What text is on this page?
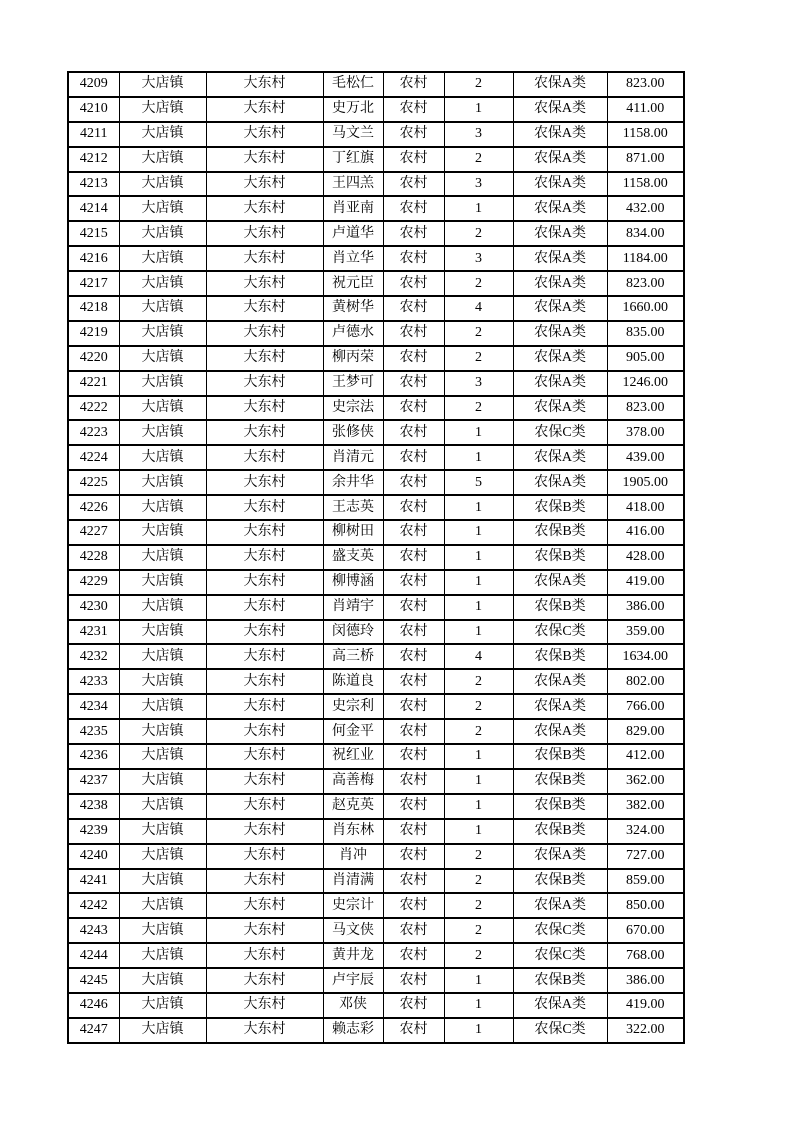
4209	大店镇	大东村	毛松仁	农村	2	农保A类	823.00
4210	大店镇	大东村	史万北	农村	1	农保A类	411.00
4211	大店镇	大东村	马文兰	农村	3	农保A类	1158.00
4212	大店镇	大东村	丁红旗	农村	2	农保A类	871.00
4213	大店镇	大东村	王四羔	农村	3	农保A类	1158.00
4214	大店镇	大东村	肖亚南	农村	1	农保A类	432.00
4215	大店镇	大东村	卢道华	农村	2	农保A类	834.00
4216	大店镇	大东村	肖立华	农村	3	农保A类	1184.00
4217	大店镇	大东村	祝元臣	农村	2	农保A类	823.00
4218	大店镇	大东村	黄树华	农村	4	农保A类	1660.00
4219	大店镇	大东村	卢德水	农村	2	农保A类	835.00
4220	大店镇	大东村	柳丙荣	农村	2	农保A类	905.00
4221	大店镇	大东村	王梦可	农村	3	农保A类	1246.00
4222	大店镇	大东村	史宗法	农村	2	农保A类	823.00
4223	大店镇	大东村	张修侠	农村	1	农保C类	378.00
4224	大店镇	大东村	肖清元	农村	1	农保A类	439.00
4225	大店镇	大东村	余井华	农村	5	农保A类	1905.00
4226	大店镇	大东村	王志英	农村	1	农保B类	418.00
4227	大店镇	大东村	柳树田	农村	1	农保B类	416.00
4228	大店镇	大东村	盛支英	农村	1	农保B类	428.00
4229	大店镇	大东村	柳博涵	农村	1	农保A类	419.00
4230	大店镇	大东村	肖靖宇	农村	1	农保B类	386.00
4231	大店镇	大东村	闵德玲	农村	1	农保C类	359.00
4232	大店镇	大东村	高三桥	农村	4	农保B类	1634.00
4233	大店镇	大东村	陈道良	农村	2	农保A类	802.00
4234	大店镇	大东村	史宗利	农村	2	农保A类	766.00
4235	大店镇	大东村	何金平	农村	2	农保A类	829.00
4236	大店镇	大东村	祝红业	农村	1	农保B类	412.00
4237	大店镇	大东村	高善梅	农村	1	农保B类	362.00
4238	大店镇	大东村	赵克英	农村	1	农保B类	382.00
4239	大店镇	大东村	肖东林	农村	1	农保B类	324.00
4240	大店镇	大东村	肖冲	农村	2	农保A类	727.00
4241	大店镇	大东村	肖清满	农村	2	农保B类	859.00
4242	大店镇	大东村	史宗计	农村	2	农保A类	850.00
4243	大店镇	大东村	马文侠	农村	2	农保C类	670.00
4244	大店镇	大东村	黄井龙	农村	2	农保C类	768.00
4245	大店镇	大东村	卢宇辰	农村	1	农保B类	386.00
4246	大店镇	大东村	邓侠	农村	1	农保A类	419.00
4247	大店镇	大东村	赖志彩	农村	1	农保C类	322.00
